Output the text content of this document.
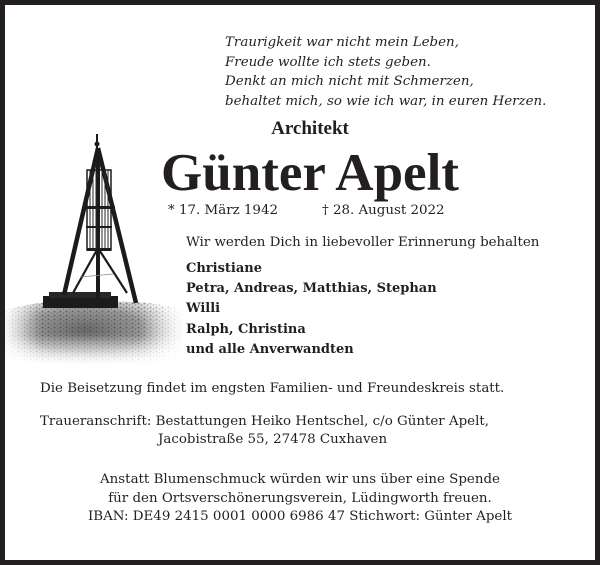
Traurigkeit war nicht mein Leben,
Freude wollte ich stets geben.
Denkt an mich nicht mit Schmerzen,
behaltet mich, so wie ich war, in euren Herzen.
Architekt
Günter Apelt
* 17. März 1942	† 28. August 2022
Wir werden Dich in liebevoller Erinnerung behalten
Christiane
Petra, Andreas, Matthias, Stephan
Willi
Ralph, Christina
und alle Anverwandten
Die Beisetzung findet im engsten Familien- und Freundeskreis statt.
Traueranschrift: Bestattungen Heiko Hentschel, c/o Günter Apelt,
Jacobistraße 55, 27478 Cuxhaven
Anstatt Blumenschmuck würden wir uns über eine Spende
für den Ortsverschönerungsverein, Lüdingworth freuen.
IBAN: DE49 2415 0001 0000 6986 47 Stichwort: Günter Apelt
